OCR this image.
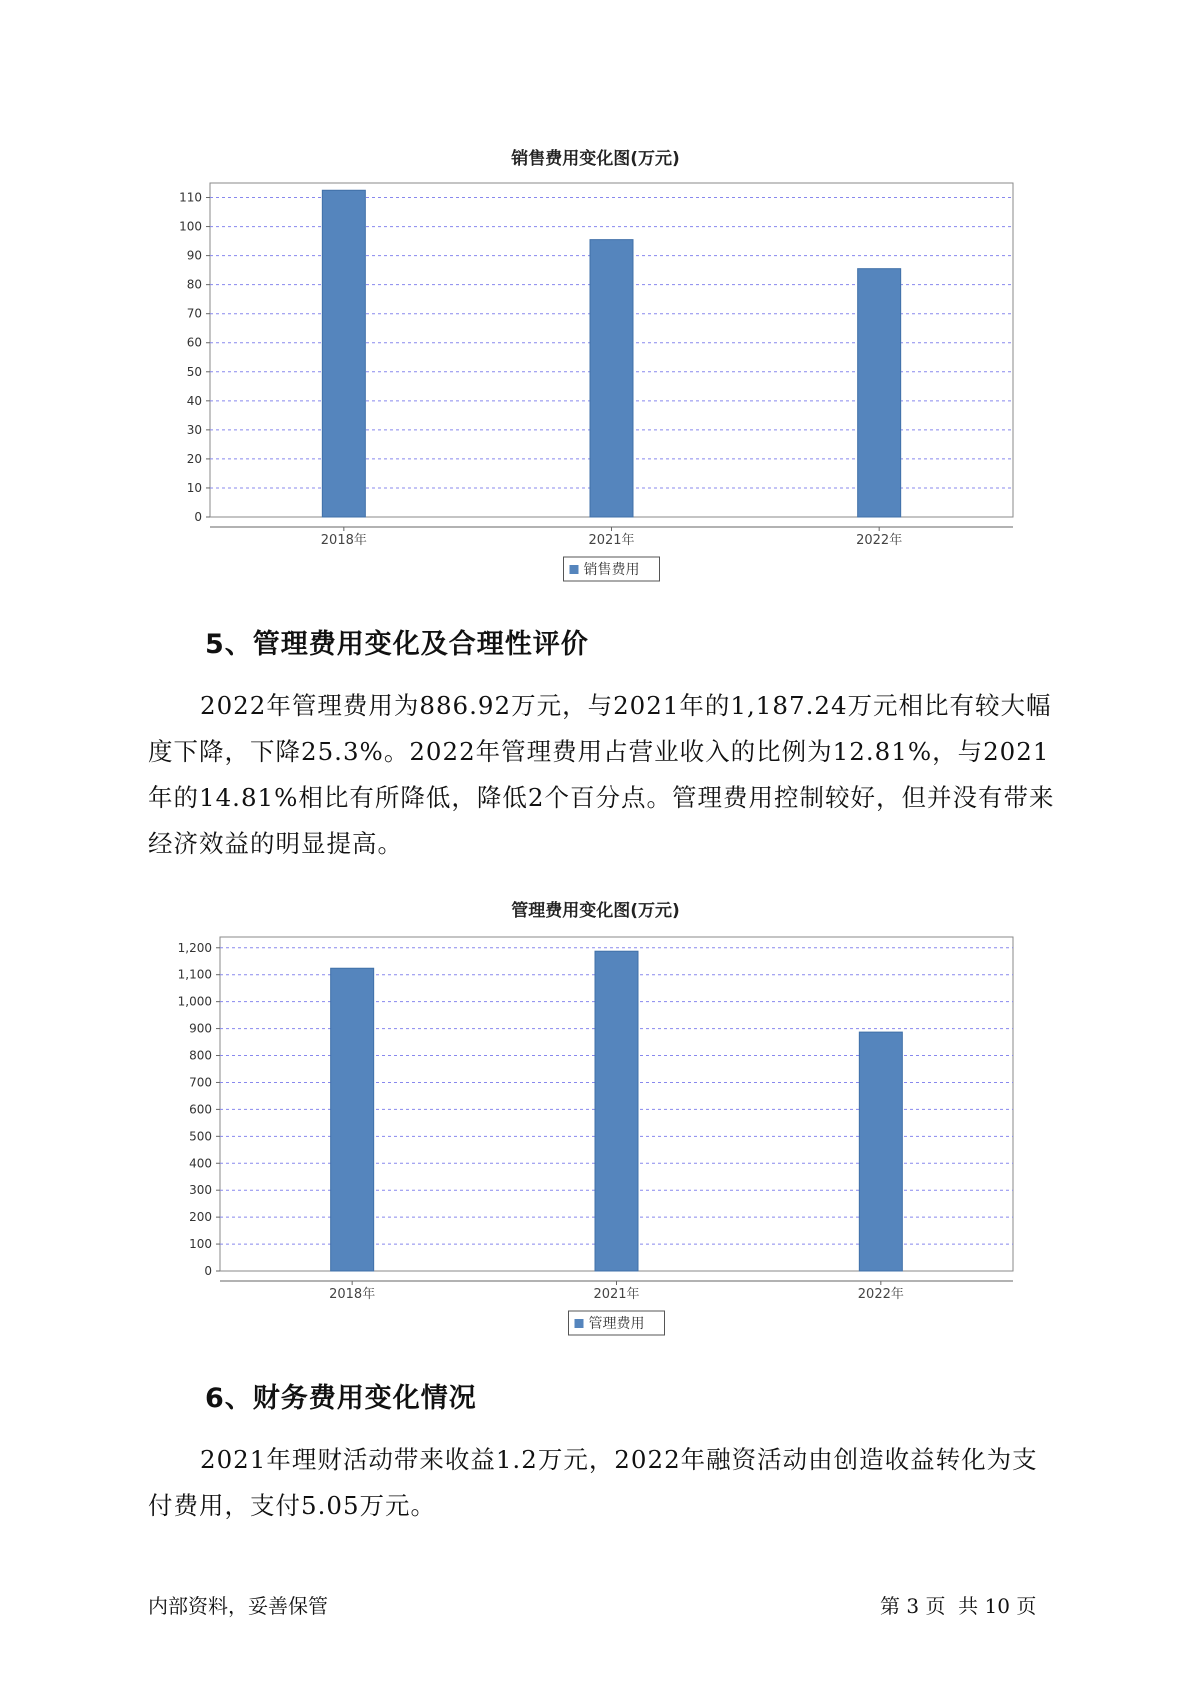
销售费用变化图(万元)
0
10
20
30
40
50
60
70
80
90
100
110
2018年	2021年	2022年
销售费用
5、管理费用变化及合理性评价

2022年管理费用为886.92万元，与2021年的1,187.24万元相比有较大幅度下降，下降25.3%。2022年管理费用占营业收入的比例为12.81%，与2021年的14.81%相比有所降低，降低2个百分点。管理费用控制较好，但并没有带来经济效益的明显提高。

管理费用变化图(万元)
0
100
200
300
400
500
600
700
800
900
1,000
1,100
1,200
2018年	2021年	2022年
管理费用
6、财务费用变化情况

2021年理财活动带来收益1.2万元，2022年融资活动由创造收益转化为支付费用，支付5.05万元。

内部资料，妥善保管	第 3 页  共 10 页
